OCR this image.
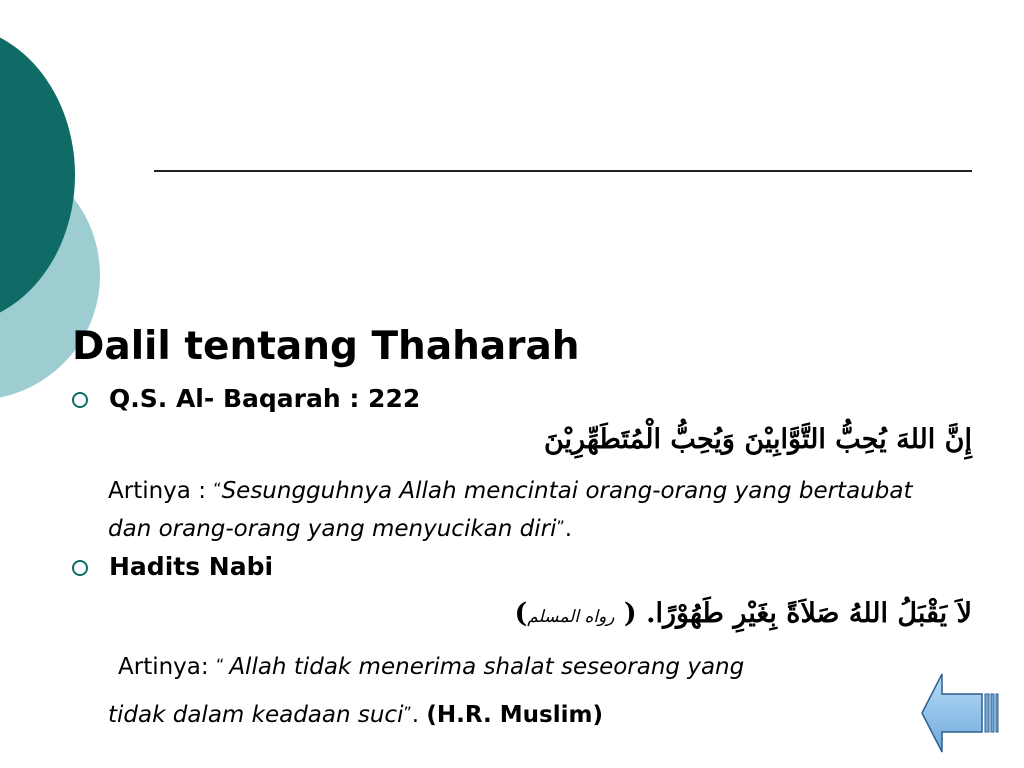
Dalil tentang Thaharah
Q.S. Al- Baqarah : 222
إِنَّ اللهَ يُحِبُّ التَّوَّابِيْنَ وَيُحِبُّ الْمُتَطَهِّرِيْنَ

Artinya : “Sesungguhnya Allah mencintai orang-orang yang bertaubat dan orang-orang yang menyucikan diri”.

Hadits Nabi
لاَ يَقْبَلُ اللهُ صَلاَةً بِغَيْرِ طَهُوْرًا. ( رواه المسلم)

Artinya: “ Allah tidak menerima shalat seseorang yang

tidak dalam keadaan suci”. (H.R. Muslim)
